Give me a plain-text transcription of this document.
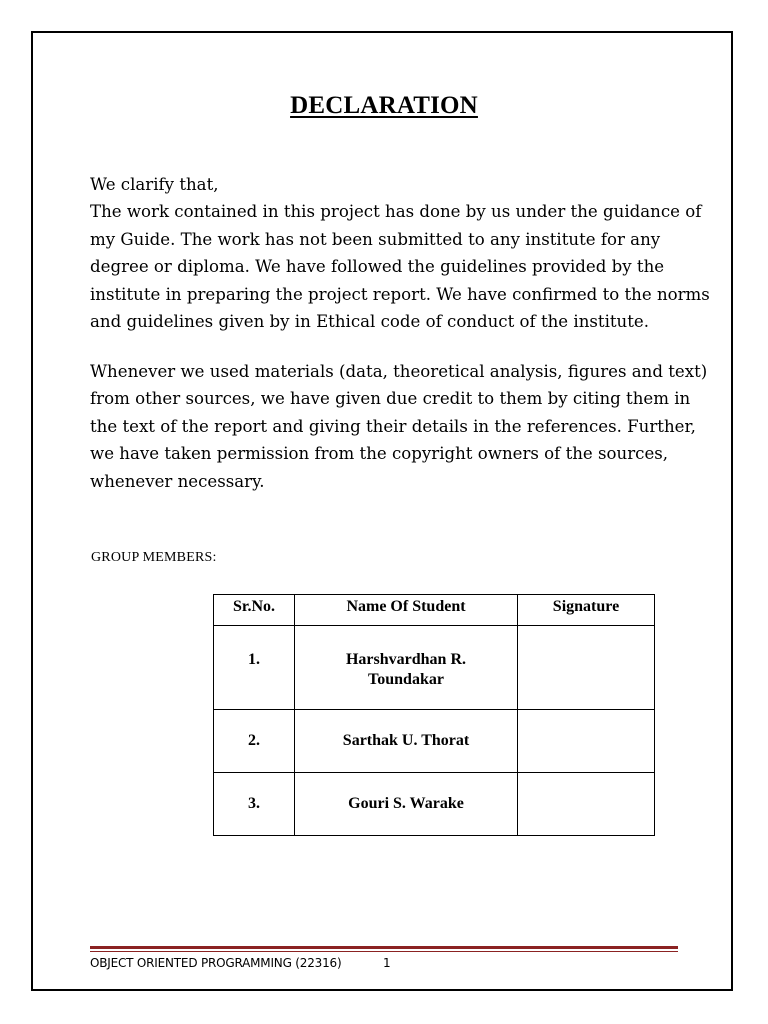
DECLARATION

We clarify that,
The work contained in this project has done by us under the guidance of
my Guide. The work has not been submitted to any institute for any
degree or diploma. We have followed the guidelines provided by the
institute in preparing the project report. We have confirmed to the norms
and guidelines given by in Ethical code of conduct of the institute.

Whenever we used materials (data, theoretical analysis, figures and text)
from other sources, we have given due credit to them by citing them in
the text of the report and giving their details in the references. Further,
we have taken permission from the copyright owners of the sources,
whenever necessary.

GROUP MEMBERS:
Sr.No.	Name Of Student	Signature
1.	Harshvardhan R.
Toundakar	

2.	Sarthak U. Thorat	
3.	Gouri S. Warake	
OBJECT ORIENTED PROGRAMMING (22316)	1
